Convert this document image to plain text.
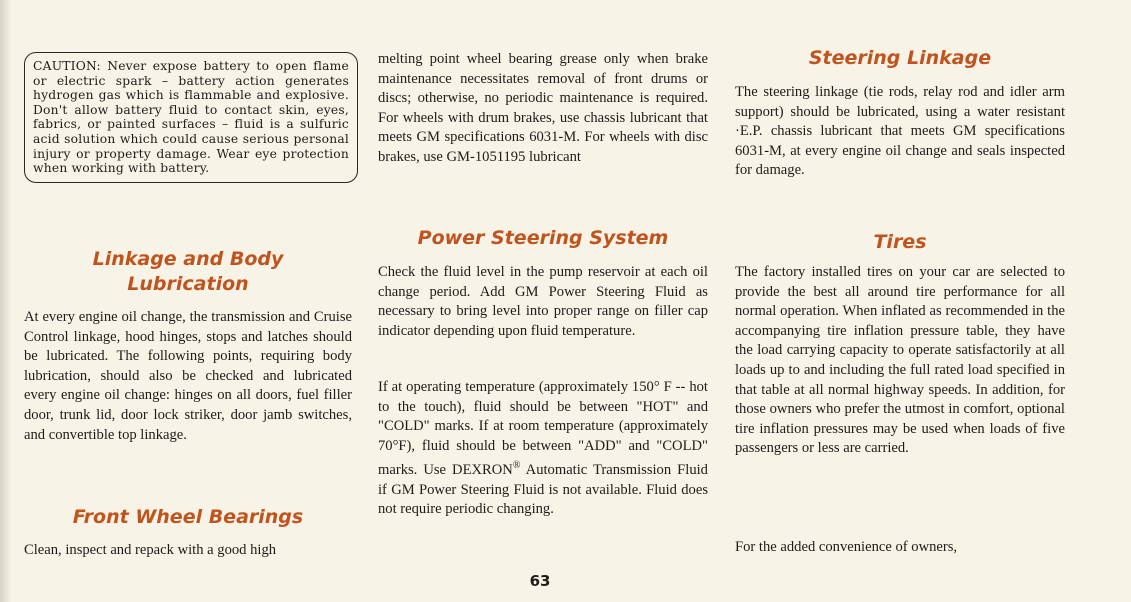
CAUTION: Never expose battery to open flame or electric spark – battery action generates hydrogen gas which is flammable and explosive. Don't allow battery fluid to contact skin, eyes, fabrics, or painted surfaces – fluid is a sulfuric acid solution which could cause serious personal injury or property damage. Wear eye protection when working with battery.

Linkage and Body

Lubrication

At every engine oil change, the transmission and Cruise Control linkage, hood hinges, stops and latches should be lubricated. The following points, requiring body lubrication, should also be checked and lubricated every engine oil change: hinges on all doors, fuel filler door, trunk lid, door lock striker, door jamb switches, and convertible top linkage.

Front Wheel Bearings

Clean, inspect and repack with a good high

melting point wheel bearing grease only when brake maintenance necessitates removal of front drums or discs; otherwise, no periodic maintenance is required. For wheels with drum brakes, use chassis lubricant that meets GM specifications 6031-M. For wheels with disc brakes, use GM-1051195 lubricant

Power Steering System

Check the fluid level in the pump reservoir at each oil change period. Add GM Power Steering Fluid as necessary to bring level into proper range on filler cap indicator depending upon fluid temperature.

If at operating temperature (approximately 150° F -- hot to the touch), fluid should be between "HOT" and "COLD" marks. If at room temperature (approximately 70°F), fluid should be between "ADD" and "COLD" marks. Use DEXRON® Automatic Transmission Fluid if GM Power Steering Fluid is not available. Fluid does not require periodic changing.

Steering Linkage

The steering linkage (tie rods, relay rod and idler arm support) should be lubricated, using a water resistant ·E.P. chassis lubricant that meets GM specifications 6031-M, at every engine oil change and seals inspected for damage.

Tires

The factory installed tires on your car are selected to provide the best all around tire performance for all normal operation. When inflated as recommended in the accompanying tire inflation pressure table, they have the load carrying capacity to operate satisfactorily at all loads up to and including the full rated load specified in that table at all normal highway speeds. In addition, for those owners who prefer the utmost in comfort, optional tire inflation pressures may be used when loads of five passengers or less are carried.

For the added convenience of owners,

63
